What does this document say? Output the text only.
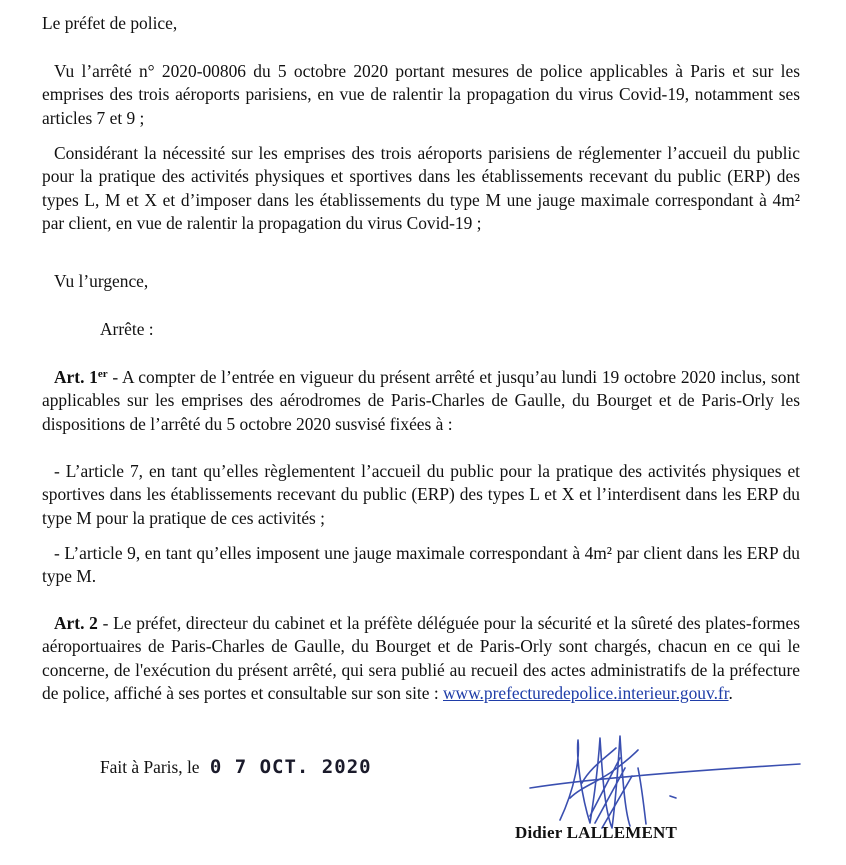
Le préfet de police,

Vu l’arrêté n° 2020-00806 du 5 octobre 2020 portant mesures de police applicables à Paris et sur les emprises des trois aéroports parisiens, en vue de ralentir la propagation du virus Covid-19, notamment ses articles 7 et 9 ;

Considérant la nécessité sur les emprises des trois aéroports parisiens de réglementer l’accueil du public pour la pratique des activités physiques et sportives dans les établissements recevant du public (ERP) des types L, M et X et d’imposer dans les établissements du type M une jauge maximale correspondant à 4m² par client, en vue de ralentir la propagation du virus Covid-19 ;

Vu l’urgence,

Arrête :

Art. 1er - A compter de l’entrée en vigueur du présent arrêté et jusqu’au lundi 19 octobre 2020 inclus, sont applicables sur les emprises des aérodromes de Paris-Charles de Gaulle, du Bourget et de Paris-Orly les dispositions de l’arrêté du 5 octobre 2020 susvisé fixées à :

- L’article 7, en tant qu’elles règlementent l’accueil du public pour la pratique des activités physiques et sportives dans les établissements recevant du public (ERP) des types L et X et l’interdisent dans les ERP du type M pour la pratique de ces activités ;

- L’article 9, en tant qu’elles imposent une jauge maximale correspondant à 4m² par client dans les ERP du type M.

Art. 2 - Le préfet, directeur du cabinet et la préfète déléguée pour la sécurité et la sûreté des plates-formes aéroportuaires de Paris-Charles de Gaulle, du Bourget et de Paris-Orly sont chargés, chacun en ce qui le concerne, de l'exécution du présent arrêté, qui sera publié au recueil des actes administratifs de la préfecture de police, affiché à ses portes et consultable sur son site : www.prefecturedepolice.interieur.gouv.fr.

Fait à Paris, le 0 7 OCT. 2020

Didier LALLEMENT
